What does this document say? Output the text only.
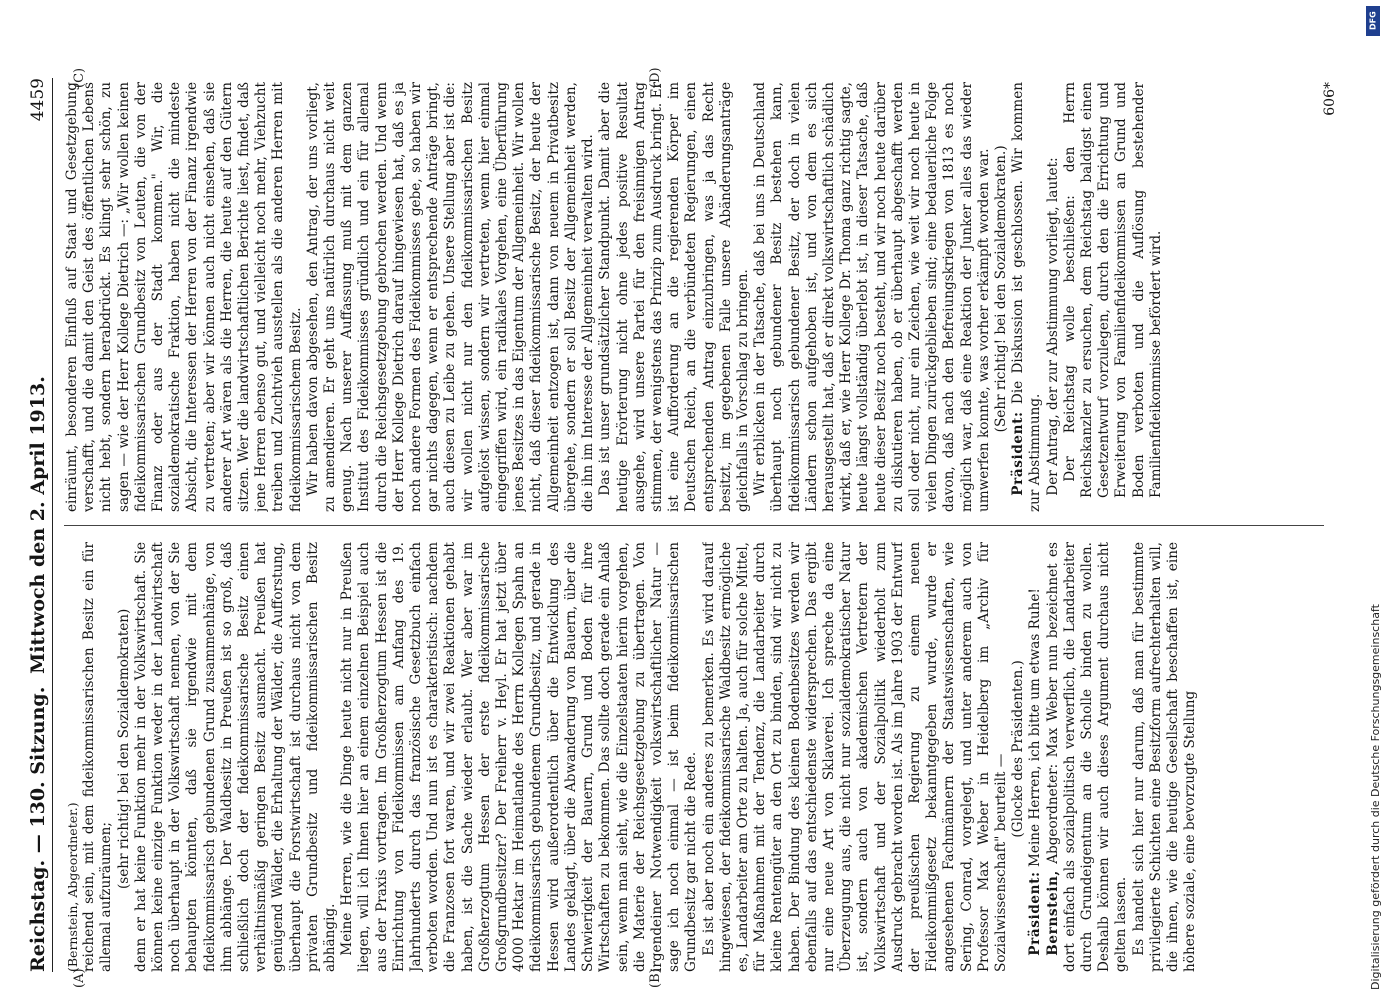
Reichstag. — 130. Sitzung.
Mittwoch den 2. April 1913.
4459
(A)	(B)
(C)	(D)

(Bernstein, Abgeordneter.) reichend sein, mit dem fideikommissarischen Besitz ein für allemal aufzuräumen;

(sehr richtig! bei den Sozialdemokraten) denn er hat keine Funktion mehr in der Volkswirtschaft. Sie können keine einzige Funktion weder in der Landwirtschaft noch überhaupt in der Volkswirtschaft nennen, von der Sie behaupten könnten, daß sie irgendwie mit dem fideikommissarisch gebundenen Grund zusammenhänge, von ihm abhänge. Der Waldbesitz in Preußen ist so groß, daß schließlich doch der fideikommissarische Besitz einen verhältnismäßig geringen Besitz ausmacht. Preußen hat genügend Wälder, die Erhaltung der Wälder, die Aufforstung, überhaupt die Forstwirtschaft ist durchaus nicht von dem privaten Grundbesitz und fideikommissarischen Besitz abhängig. Meine Herren, wie die Dinge heute nicht nur in Preußen liegen, will ich Ihnen hier an einem einzelnen Beispiel auch aus der Praxis vortragen. Im Großherzogtum Hessen ist die Einrichtung von Fideikommissen am Anfang des 19. Jahrhunderts durch das französische Gesetzbuch einfach verboten worden. Und nun ist es charakteristisch: nachdem die Franzosen fort waren, und wir zwei Reaktionen gehabt haben, ist die Sache wieder erlaubt. Wer aber war im Großherzogtum Hessen der erste fideikommissarische Großgrundbesitzer? Der Freiherr v. Heyl. Er hat jetzt über 4000 Hektar im Heimatlande des Herrn Kollegen Spahn an fideikommissarisch gebundenem Grundbesitz, und gerade in Hessen wird außerordentlich über die Entwicklung des Landes geklagt, über die Abwanderung von Bauern, über die Schwierigkeit der Bauern, Grund und Boden für ihre Wirtschaften zu bekommen. Das sollte doch gerade ein Anlaß sein, wenn man sieht, wie die Einzelstaaten hierin vorgehen, die Materie der Reichsgesetzgebung zu übertragen. Von irgendeiner Notwendigkeit volkswirtschaftlicher Natur — sage ich noch einmal — ist beim fideikommissarischen Grundbesitz gar nicht die Rede. Es ist aber noch ein anderes zu bemerken. Es wird darauf hingewiesen, der fideikommissarische Waldbesitz ermögliche es, Landarbeiter am Orte zu halten. Ja, auch für solche Mittel, für Maßnahmen mit der Tendenz, die Landarbeiter durch kleine Rentengüter an den Ort zu binden, sind wir nicht zu haben. Der Bindung des kleinen Bodenbesitzes werden wir ebenfalls auf das entschiedenste widersprechen. Das ergibt nur eine neue Art von Sklaverei. Ich spreche da eine Überzeugung aus, die nicht nur sozialdemokratischer Natur ist, sondern auch von akademischen Vertretern der Volkswirtschaft und der Sozialpolitik wiederholt zum Ausdruck gebracht worden ist. Als im Jahre 1903 der Entwurf der preußischen Regierung zu einem neuen Fideikommißgesetz bekanntgegeben wurde, wurde er angesehenen Fachmännern der Staatswissenschaften, wie Sering, Conrad, vorgelegt, und unter anderem auch von Professor Max Weber in Heidelberg im „Archiv für Sozialwissenschaft" beurteilt —

(Glocke des Präsidenten.)

Präsident: Meine Herren, ich bitte um etwas Ruhe!

Bernstein, Abgeordneter: Max Weber nun bezeichnet es dort einfach als sozialpolitisch verwerflich, die Landarbeiter durch Grundeigentum an die Scholle binden zu wollen. Deshalb können wir auch dieses Argument durchaus nicht gelten lassen. Es handelt sich hier nur darum, daß man für bestimmte privilegierte Schichten eine Besitzform aufrechterhalten will, die ihnen, wie die heutige Gesellschaft beschaffen ist, eine höhere soziale, eine bevorzugte Stellung

einräumt, besonderen Einfluß auf Staat und Gesetzgebung verschafft, und die damit den Geist des öffentlichen Lebens nicht hebt, sondern herabdrückt. Es klingt sehr schön, zu sagen — wie der Herr Kollege Dietrich —: „Wir wollen keinen fideikommissarischen Grundbesitz von Leuten, die von der Finanz oder aus der Stadt kommen." Wir, die sozialdemokratische Fraktion, haben nicht die mindeste Absicht, die Interessen der Herren von der Finanz irgendwie zu vertreten; aber wir können auch nicht einsehen, daß sie anderer Art wären als die Herren, die heute auf den Gütern sitzen. Wer die landwirtschaftlichen Berichte liest, findet, daß jene Herren ebenso gut, und vielleicht noch mehr, Viehzucht treiben und Zuchtvieh ausstellen als die anderen Herren mit fideikommissarischem Besitz. Wir haben davon abgesehen, den Antrag, der uns vorliegt, zu amendieren. Er geht uns natürlich durchaus nicht weit genug. Nach unserer Auffassung muß mit dem ganzen Institut des Fideikommisses gründlich und ein für allemal durch die Reichsgesetzgebung gebrochen werden. Und wenn der Herr Kollege Dietrich darauf hingewiesen hat, daß es ja noch andere Formen des Fideikommisses gebe, so haben wir gar nichts dagegen, wenn er entsprechende Anträge bringt, auch diesen zu Leibe zu gehen. Unsere Stellung aber ist die: wir wollen nicht nur den fideikommissarischen Besitz aufgelöst wissen, sondern wir vertreten, wenn hier einmal eingegriffen wird, ein radikales Vorgehen, eine Überführung jenes Besitzes in das Eigentum der Allgemeinheit. Wir wollen nicht, daß dieser fideikommissarische Besitz, der heute der Allgemeinheit entzogen ist, dann von neuem in Privatbesitz übergehe, sondern er soll Besitz der Allgemeinheit werden, die ihn im Interesse der Allgemeinheit verwalten wird. Das ist unser grundsätzlicher Standpunkt. Damit aber die heutige Erörterung nicht ohne jedes positive Resultat ausgehe, wird unsere Partei für den freisinnigen Antrag stimmen, der wenigstens das Prinzip zum Ausdruck bringt. Er ist eine Aufforderung an die regierenden Körper im Deutschen Reich, an die verbündeten Regierungen, einen entsprechenden Antrag einzubringen, was ja das Recht besitzt, im gegebenen Falle unsere Abänderungsanträge gleichfalls in Vorschlag zu bringen. Wir erblicken in der Tatsache, daß bei uns in Deutschland überhaupt noch gebundener Besitz bestehen kann, fideikommissarisch gebundener Besitz, der doch in vielen Ländern schon aufgehoben ist, und von dem es sich herausgestellt hat, daß er direkt volkswirtschaftlich schädlich wirkt, daß er, wie Herr Kollege Dr. Thoma ganz richtig sagte, heute längst vollständig überlebt ist, in dieser Tatsache, daß heute dieser Besitz noch besteht, und wir noch heute darüber zu diskutieren haben, ob er überhaupt abgeschafft werden soll oder nicht, nur ein Zeichen, wie weit wir noch heute in vielen Dingen zurückgeblieben sind; eine bedauerliche Folge davon, daß nach den Befreiungskriegen von 1813 es noch möglich war, daß eine Reaktion der Junker alles das wieder umwerfen konnte, was vorher erkämpft worden war. (Sehr richtig! bei den Sozialdemokraten.)

Präsident: Die Diskussion ist geschlossen. Wir kommen zur Abstimmung. Der Antrag, der zur Abstimmung vorliegt, lautet: Der Reichstag wolle beschließen: den Herrn Reichskanzler zu ersuchen, dem Reichstag baldigst einen Gesetzentwurf vorzulegen, durch den die Errichtung und Erweiterung von Familienfideikommissen an Grund und Boden verboten und die Auflösung bestehender Familienfideikommisse befördert wird.

606*
DFG
Digitalisierung gefördert durch die Deutsche Forschungsgemeinschaft
